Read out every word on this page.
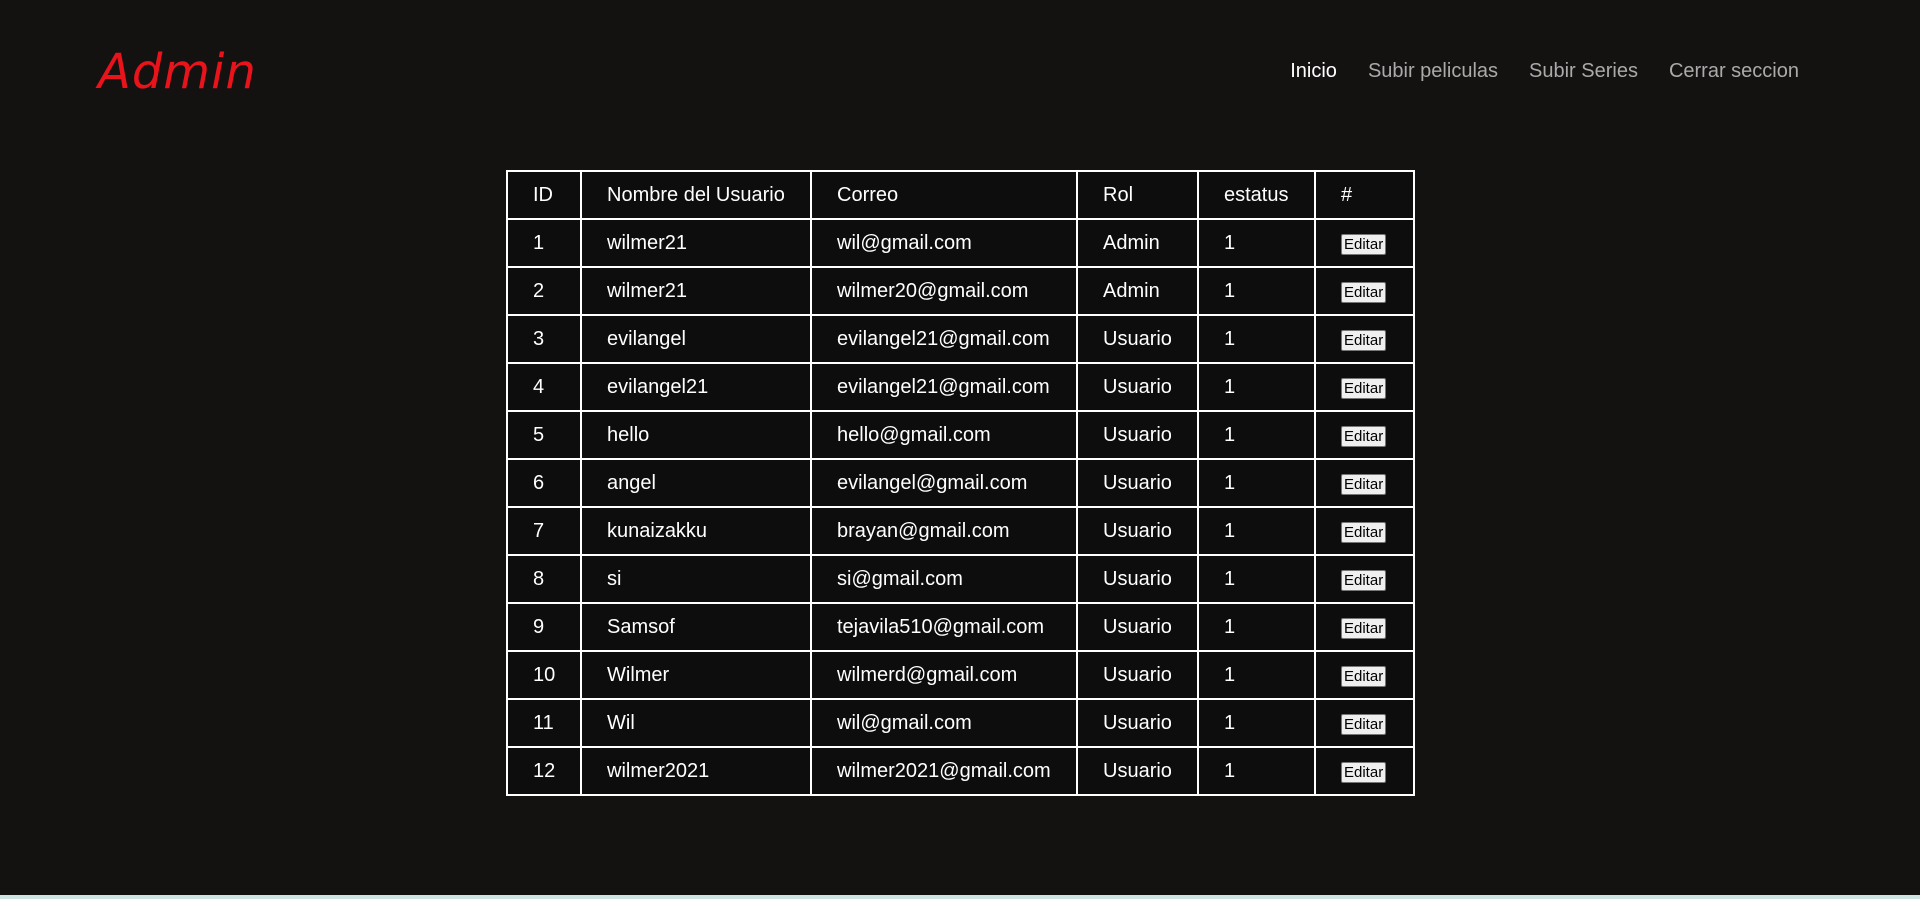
Admin	Inicio Subir peliculas Subir Series Cerrar seccion
ID	Nombre del Usuario	Correo	Rol	estatus	#
1	wilmer21	wil@gmail.com	Admin	1	Editar
2	wilmer21	wilmer20@gmail.com	Admin	1	Editar
3	evilangel	evilangel21@gmail.com	Usuario	1	Editar
4	evilangel21	evilangel21@gmail.com	Usuario	1	Editar
5	hello	hello@gmail.com	Usuario	1	Editar
6	angel	evilangel@gmail.com	Usuario	1	Editar
7	kunaizakku	brayan@gmail.com	Usuario	1	Editar
8	si	si@gmail.com	Usuario	1	Editar
9	Samsof	tejavila510@gmail.com	Usuario	1	Editar
10	Wilmer	wilmerd@gmail.com	Usuario	1	Editar
11	Wil	wil@gmail.com	Usuario	1	Editar
12	wilmer2021	wilmer2021@gmail.com	Usuario	1	Editar
